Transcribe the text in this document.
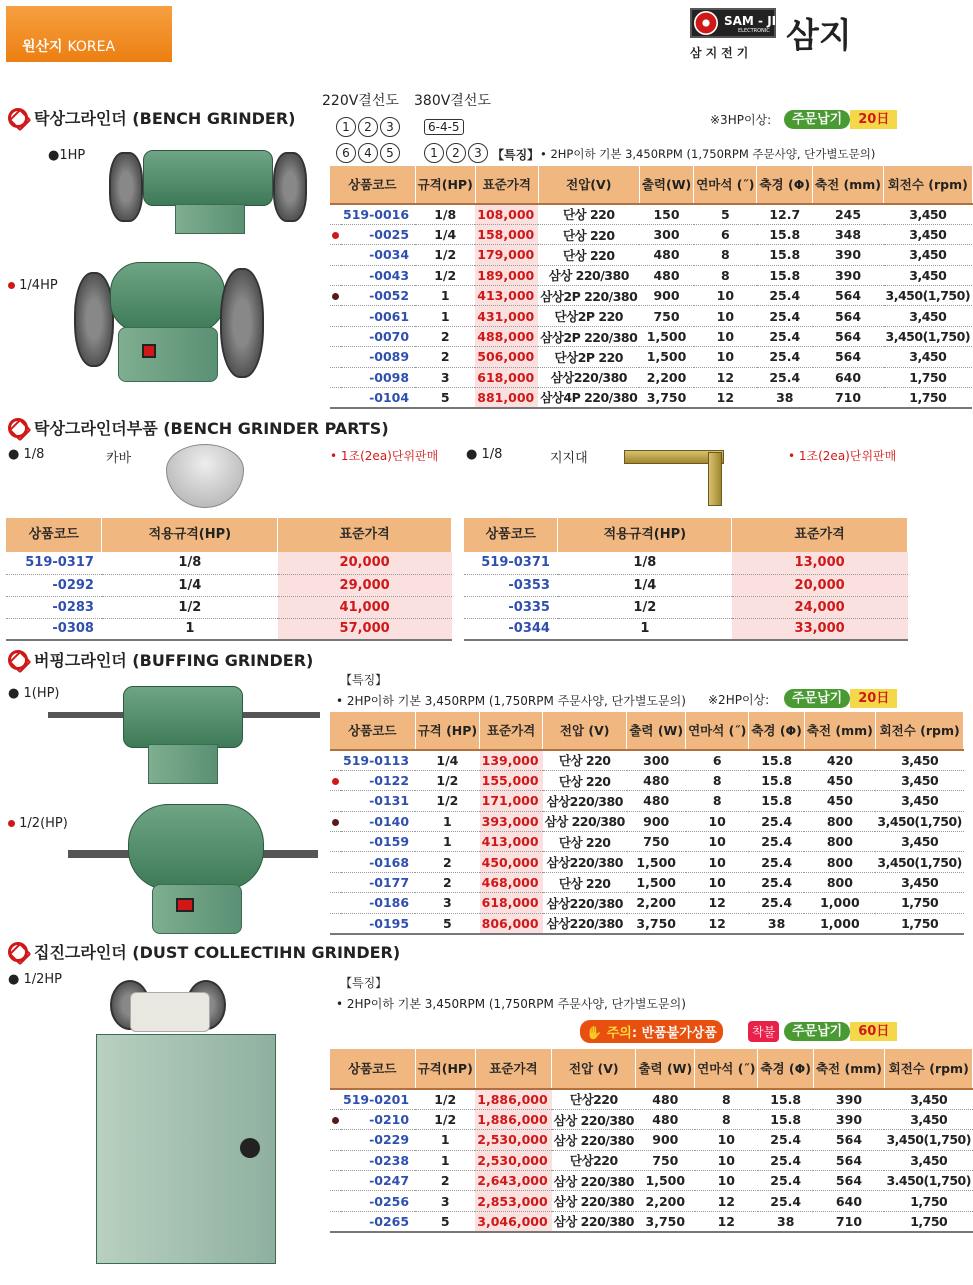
원산지 KOREA
SAM - JI
ELECTRONIC
삼지전기 삼지
탁상그라인더 (BENCH GRINDER)
220V결선도 380V결선도
1 2 3
6 4 5
6-4-5
1 2 3
※3HP이상:	주문납기 20日
【특징】 • 2HP이하 기본 3,450RPM (1,750RPM 주문사양, 단가별도문의)
●1HP
1/4HP
상품코드		규격(HP)	표준가격	전압(V)	출력(W)	연마석 (˝)	축경 (Φ)	축전 (mm)	회전수 (rpm)
	519-0016	1/8	108,000	단상 220	150	5	12.7	245	3,450
	-0025	1/4	158,000	단상 220	300	6	15.8	348	3,450
	-0034	1/2	179,000	단상 220	480	8	15.8	390	3,450
	-0043	1/2	189,000	삼상 220/380	480	8	15.8	390	3,450
	-0052	1	413,000	삼상2P 220/380	900	10	25.4	564	3,450(1,750)
	-0061	1	431,000	단상2P 220	750	10	25.4	564	3,450
	-0070	2	488,000	삼상2P 220/380	1,500	10	25.4	564	3,450(1,750)
	-0089	2	506,000	단상2P 220	1,500	10	25.4	564	3,450
	-0098	3	618,000	삼상220/380	2,200	12	25.4	640	1,750
	-0104	5	881,000	삼상4P 220/380	3,750	12	38	710	1,750
탁상그라인더부품 (BENCH GRINDER PARTS)
● 1/8	카바	• 1조(2ea)단위판매 ● 1/8	지지대	• 1조(2ea)단위판매
상품코드	적용규격(HP)	표준가격
519-0317	1/8	20,000
-0292	1/4	29,000
-0283	1/2	41,000
-0308	1	57,000
상품코드	적용규격(HP)	표준가격
519-0371	1/8	13,000
-0353	1/4	20,000
-0335	1/2	24,000
-0344	1	33,000
버핑그라인더 (BUFFING GRINDER)
【특징】
• 2HP이하 기본 3,450RPM (1,750RPM 주문사양, 단가별도문의) ※2HP이상:	주문납기 20日
● 1(HP)
1/2(HP)
상품코드		규격 (HP)	표준가격	전압 (V)	출력 (W)	연마석 (˝)	축경 (Φ)	축전 (mm)	회전수 (rpm)
	519-0113	1/4	139,000	단상 220	300	6	15.8	420	3,450
	-0122	1/2	155,000	단상 220	480	8	15.8	450	3,450
	-0131	1/2	171,000	삼상220/380	480	8	15.8	450	3,450
	-0140	1	393,000	삼상 220/380	900	10	25.4	800	3,450(1,750)
	-0159	1	413,000	단상 220	750	10	25.4	800	3,450
	-0168	2	450,000	삼상220/380	1,500	10	25.4	800	3,450(1,750)
	-0177	2	468,000	단상 220	1,500	10	25.4	800	3,450
	-0186	3	618,000	삼상220/380	2,200	12	25.4	1,000	1,750
	-0195	5	806,000	삼상220/380	3,750	12	38	1,000	1,750
집진그라인더 (DUST COLLECTIHN GRINDER)
● 1/2HP	【특징】
• 2HP이하 기본 3,450RPM (1,750RPM 주문사양, 단가별도문의)
✋ 주의: 반품불가상품	착불	주문납기 60日
상품코드		규격(HP)	표준가격	전압 (V)	출력 (W)	연마석 (˝)	축경 (Φ)	축전 (mm)	회전수 (rpm)
	519-0201	1/2	1,886,000	단상220	480	8	15.8	390	3,450
	-0210	1/2	1,886,000	삼상 220/380	480	8	15.8	390	3,450
	-0229	1	2,530,000	삼상 220/380	900	10	25.4	564	3,450(1,750)
	-0238	1	2,530,000	단상220	750	10	25.4	564	3,450
	-0247	2	2,643,000	삼상 220/380	1,500	10	25.4	564	3.450(1,750)
	-0256	3	2,853,000	삼상 220/380	2,200	12	25.4	640	1,750
	-0265	5	3,046,000	삼상 220/380	3,750	12	38	710	1,750
